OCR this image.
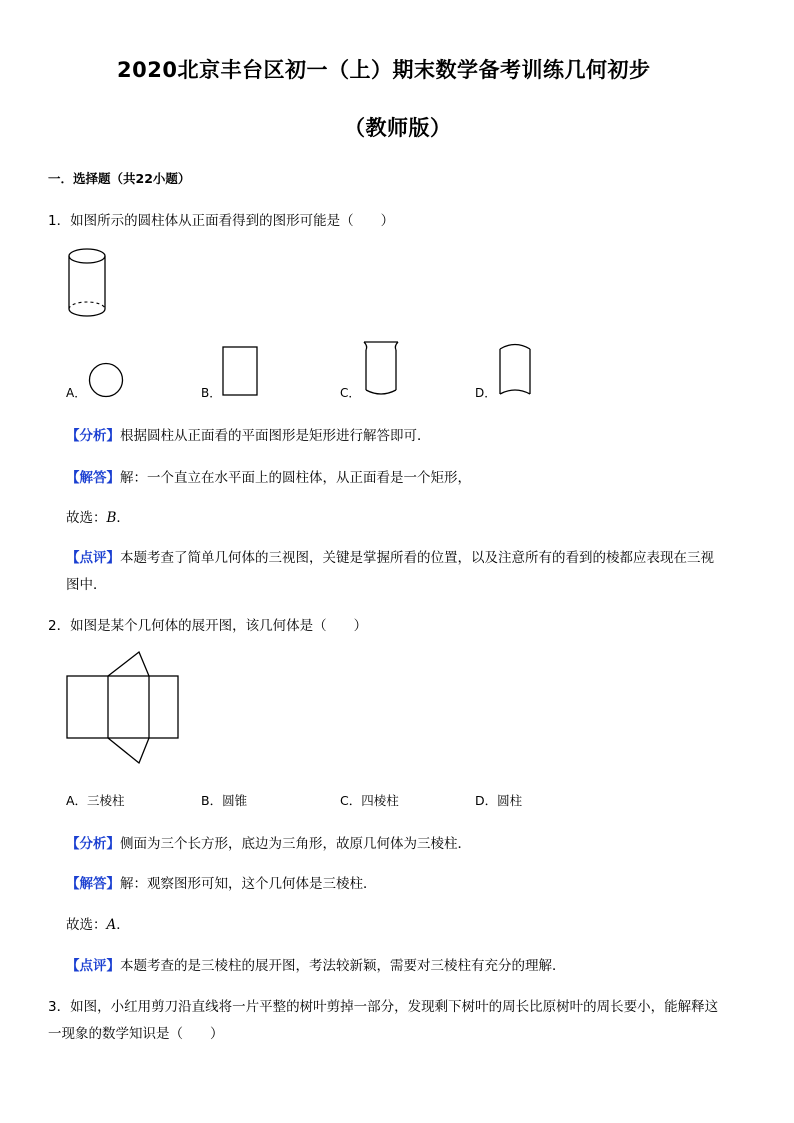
2020北京丰台区初一（上）期末数学备考训练几何初步
（教师版）
一．选择题（共22小题）
1．如图所示的圆柱体从正面看得到的图形可能是（　　）
A．	B．	C．	D．
【分析】根据圆柱从正面看的平面图形是矩形进行解答即可．
【解答】解：一个直立在水平面上的圆柱体，从正面看是一个矩形，
故选：B．
【点评】本题考查了简单几何体的三视图，关键是掌握所看的位置，以及注意所有的看到的棱都应表现在三视
图中．
2．如图是某个几何体的展开图，该几何体是（　　）
A．三棱柱	B．圆锥	C．四棱柱	D．圆柱
【分析】侧面为三个长方形，底边为三角形，故原几何体为三棱柱．
【解答】解：观察图形可知，这个几何体是三棱柱．
故选：A．
【点评】本题考查的是三棱柱的展开图，考法较新颖，需要对三棱柱有充分的理解．
3．如图，小红用剪刀沿直线将一片平整的树叶剪掉一部分，发现剩下树叶的周长比原树叶的周长要小，能解释这
一现象的数学知识是（　　）
